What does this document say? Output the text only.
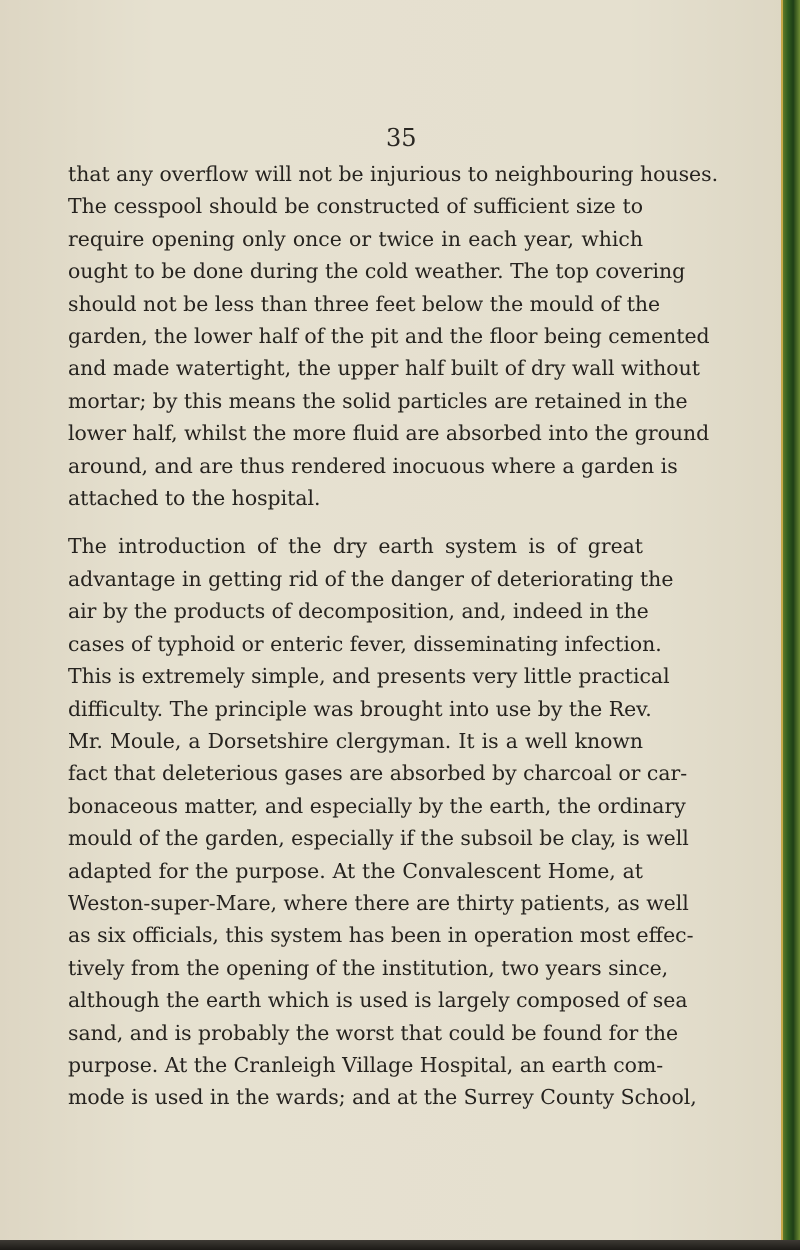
35

that any overflow will not be injurious to neighbouring houses.
The cesspool should be constructed of sufficient size to
require opening only once or twice in each year, which
ought to be done during the cold weather. The top covering
should not be less than three feet below the mould of the
garden, the lower half of the pit and the floor being cemented
and made watertight, the upper half built of dry wall without
mortar; by this means the solid particles are retained in the
lower half, whilst the more fluid are absorbed into the ground
around, and are thus rendered inocuous where a garden is
attached to the hospital.

The introduction of the dry earth system is of great
advantage in getting rid of the danger of deteriorating the
air by the products of decomposition, and, indeed in the
cases of typhoid or enteric fever, disseminating infection.
This is extremely simple, and presents very little practical
difficulty. The principle was brought into use by the Rev.
Mr. Moule, a Dorsetshire clergyman. It is a well known
fact that deleterious gases are absorbed by charcoal or car-
bonaceous matter, and especially by the earth, the ordinary
mould of the garden, especially if the subsoil be clay, is well
adapted for the purpose. At the Convalescent Home, at
Weston-super-Mare, where there are thirty patients, as well
as six officials, this system has been in operation most effec-
tively from the opening of the institution, two years since,
although the earth which is used is largely composed of sea
sand, and is probably the worst that could be found for the
purpose. At the Cranleigh Village Hospital, an earth com-
mode is used in the wards; and at the Surrey County School,
